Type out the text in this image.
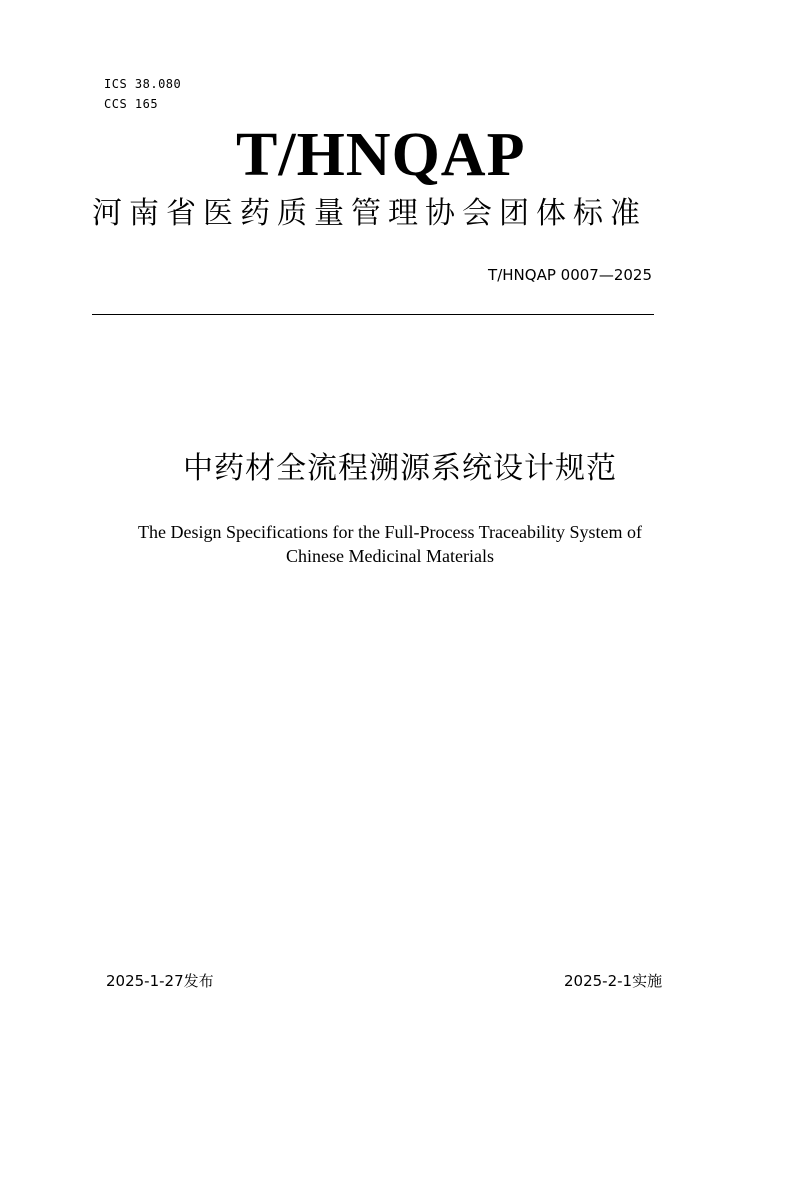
ICS 38.080
CCS 165
T/HNQAP
河南省医药质量管理协会团体标准
T/HNQAP 0007—2025
中药材全流程溯源系统设计规范
The Design Specifications for the Full-Process Traceability System of
Chinese Medicinal Materials
2025-1-27发布	2025-2-1实施
